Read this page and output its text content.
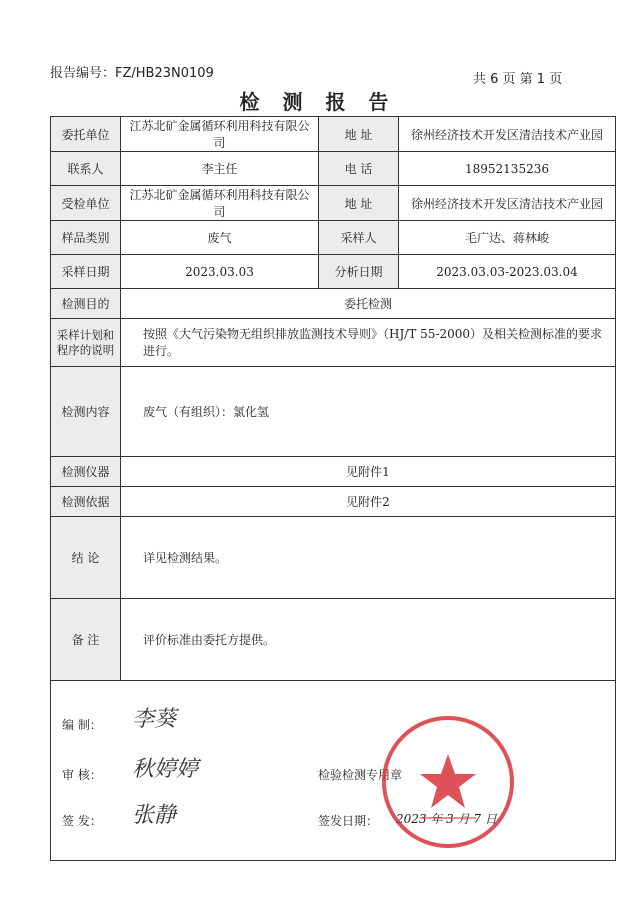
报告编号：FZ/HB23N0109	共 6 页 第 1 页
检 测 报 告
委托单位	江苏北矿金属循环利用科技有限公司	地 址	徐州经济技术开发区清洁技术产业园
联系人	李主任	电 话	18952135236
受检单位	江苏北矿金属循环利用科技有限公司	地 址	徐州经济技术开发区清洁技术产业园
样品类别	废气	采样人	毛广达、蒋林峻
采样日期	2023.03.03	分析日期	2023.03.03-2023.03.04
检测目的	委托检测		
采样计划和程序的说明	按照《大气污染物无组织排放监测技术导则》（HJ/T 55-2000）及相关检测标准的要求进行。		
检测内容	废气（有组织）：氯化氢		
检测仪器	见附件1		
检测依据	见附件2		
结 论	详见检测结果。		
备 注	评价标准由委托方提供。		

编 制： 李葵
审 核： 秋婷婷
签 发： 张静
检验检测专用章
签发日期： 2023 年 3 月 7 日
